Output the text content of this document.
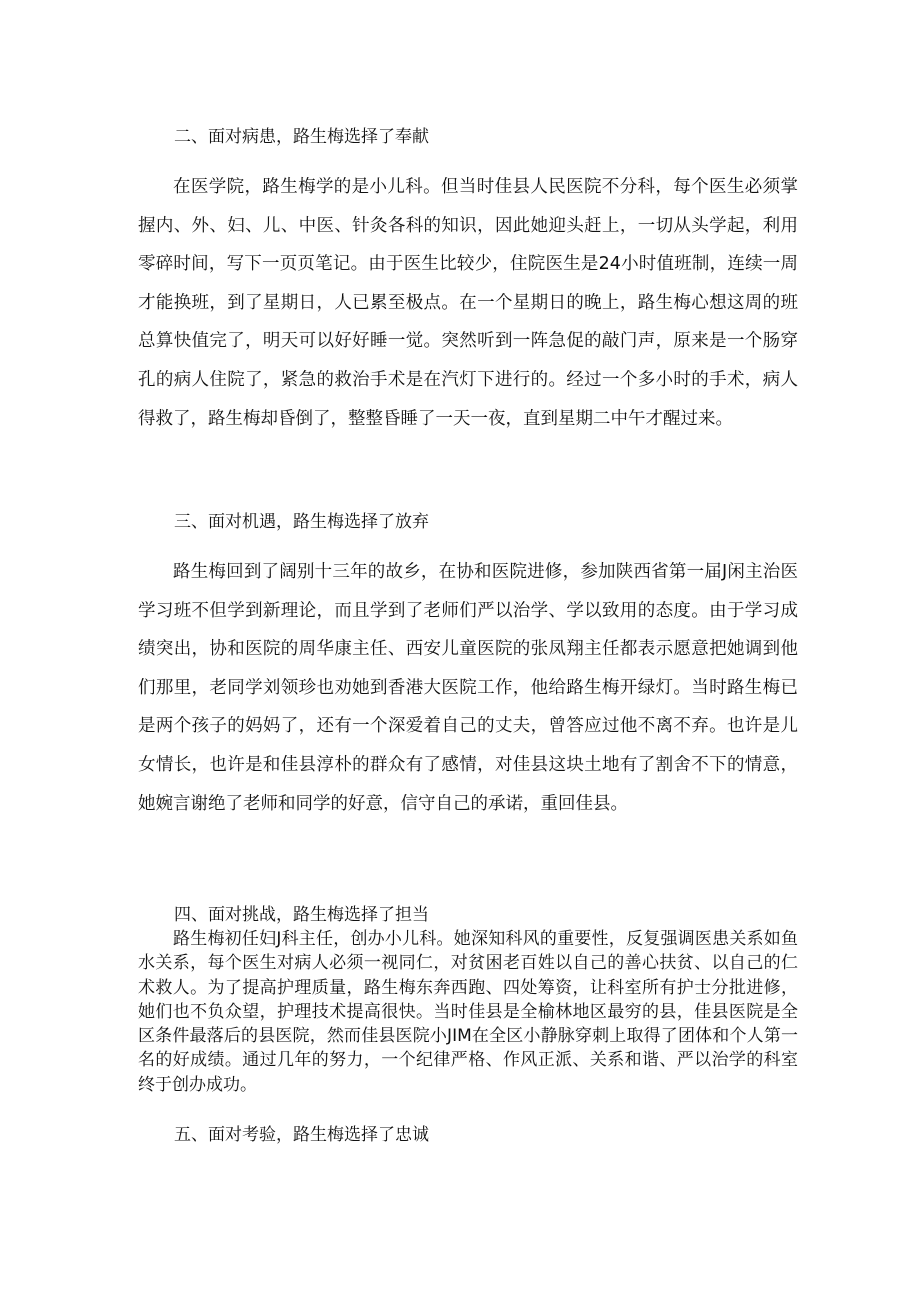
二、面对病患，路生梅选择了奉献

在医学院，路生梅学的是小儿科。但当时佳县人民医院不分科，每个医生必须掌握内、外、妇、儿、中医、针灸各科的知识，因此她迎头赶上，一切从头学起，利用零碎时间，写下一页页笔记。由于医生比较少，住院医生是24小时值班制，连续一周才能换班，到了星期日，人已累至极点。在一个星期日的晚上，路生梅心想这周的班总算快值完了，明天可以好好睡一觉。突然听到一阵急促的敲门声，原来是一个肠穿孔的病人住院了，紧急的救治手术是在汽灯下进行的。经过一个多小时的手术，病人得救了，路生梅却昏倒了，整整昏睡了一天一夜，直到星期二中午才醒过来。

三、面对机遇，路生梅选择了放弃

路生梅回到了阔别十三年的故乡，在协和医院进修，参加陕西省第一届J闲主治医学习班不但学到新理论，而且学到了老师们严以治学、学以致用的态度。由于学习成绩突出，协和医院的周华康主任、西安儿童医院的张凤翔主任都表示愿意把她调到他们那里，老同学刘领珍也劝她到香港大医院工作，他给路生梅开绿灯。当时路生梅已是两个孩子的妈妈了，还有一个深爱着自己的丈夫，曾答应过他不离不弃。也许是儿女情长，也许是和佳县淳朴的群众有了感情，对佳县这块土地有了割舍不下的情意，她婉言谢绝了老师和同学的好意，信守自己的承诺，重回佳县。

四、面对挑战，路生梅选择了担当

路生梅初任妇J科主任，创办小儿科。她深知科风的重要性，反复强调医患关系如鱼水关系，每个医生对病人必须一视同仁，对贫困老百姓以自己的善心扶贫、以自己的仁术救人。为了提高护理质量，路生梅东奔西跑、四处筹资，让科室所有护士分批进修，她们也不负众望，护理技术提高很快。当时佳县是全榆林地区最穷的县，佳县医院是全区条件最落后的县医院，然而佳县医院小JIM在全区小静脉穿刺上取得了团体和个人第一名的好成绩。通过几年的努力，一个纪律严格、作风正派、关系和谐、严以治学的科室终于创办成功。

五、面对考验，路生梅选择了忠诚
